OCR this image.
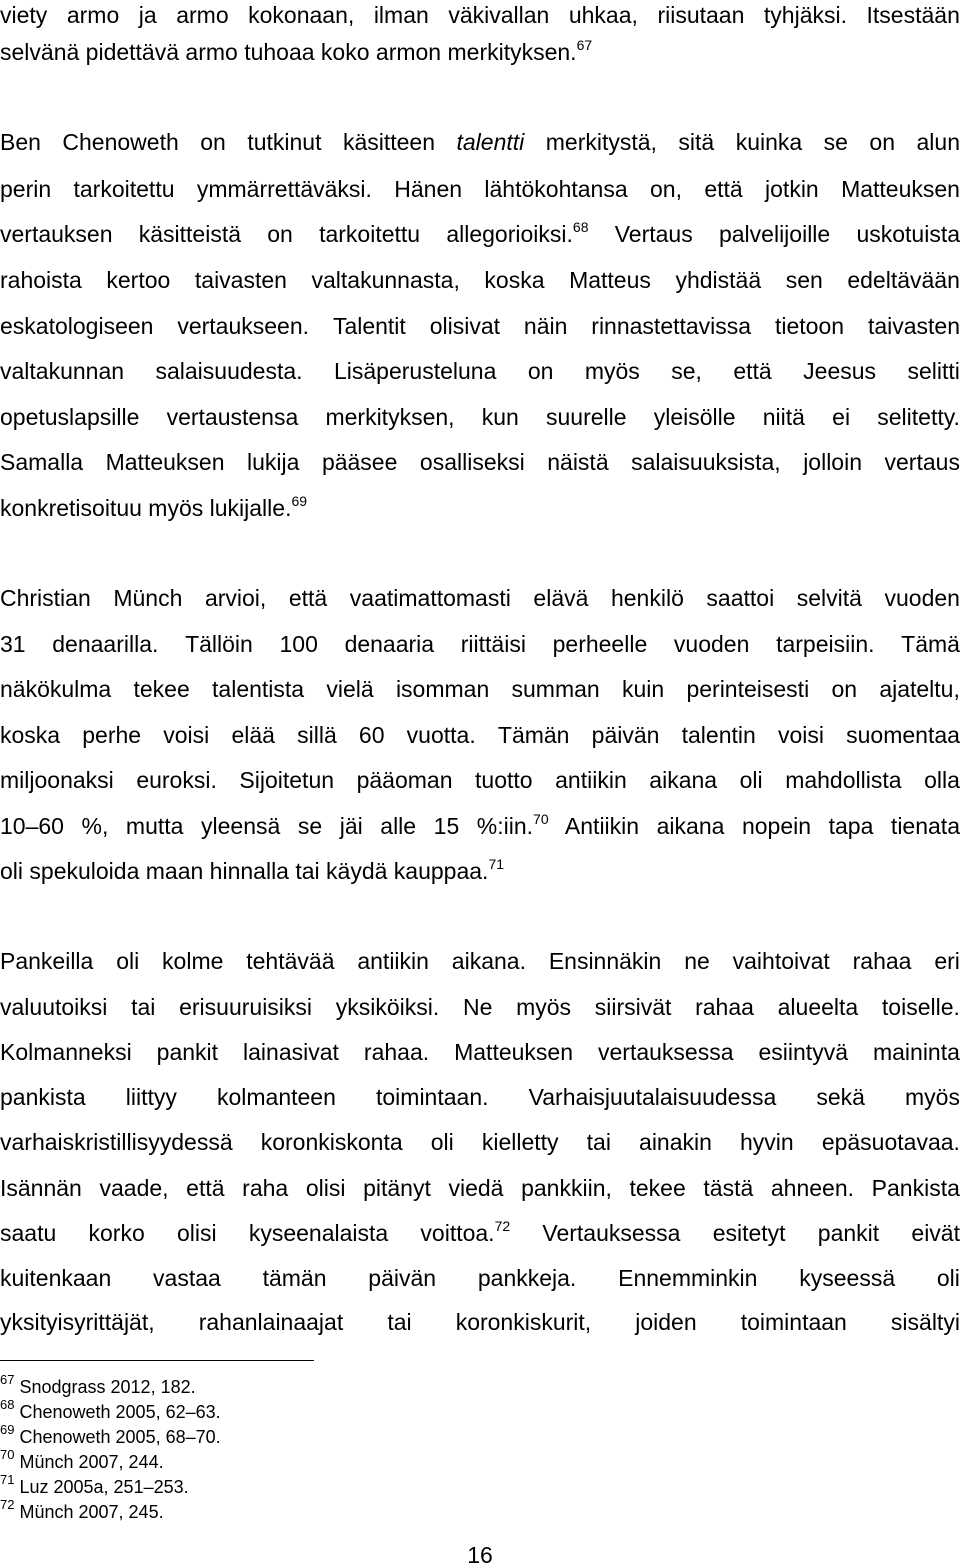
viety armo ja armo kokonaan, ilman väkivallan uhkaa, riisutaan tyhjäksi. Itsestään
selvänä pidettävä armo tuhoaa koko armon merkityksen.$^{67}$
Ben Chenoweth on tutkinut käsitteen talentti merkitystä, sitä kuinka se on alun
perin tarkoitettu ymmärrettäväksi. Hänen lähtökohtansa on, että jotkin Matteuksen
vertauksen käsitteistä on tarkoitettu allegorioiksi.$^{68}$ Vertaus palvelijoille uskotuista
rahoista kertoo taivasten valtakunnasta, koska Matteus yhdistää sen edeltävään
eskatologiseen vertaukseen. Talentit olisivat näin rinnastettavissa tietoon taivasten
valtakunnan salaisuudesta. Lisäperusteluna on myös se, että Jeesus selitti
opetuslapsille vertaustensa merkityksen, kun suurelle yleisölle niitä ei selitetty.
Samalla Matteuksen lukija pääsee osalliseksi näistä salaisuuksista, jolloin vertaus
konkretisoituu myös lukijalle.$^{69}$
Christian Münch arvioi, että vaatimattomasti elävä henkilö saattoi selvitä vuoden
31 denaarilla. Tällöin 100 denaaria riittäisi perheelle vuoden tarpeisiin. Tämä
näkökulma tekee talentista vielä isomman summan kuin perinteisesti on ajateltu,
koska perhe voisi elää sillä 60 vuotta. Tämän päivän talentin voisi suomentaa
miljoonaksi euroksi. Sijoitetun pääoman tuotto antiikin aikana oli mahdollista olla
10–60 %, mutta yleensä se jäi alle 15 %:iin.$^{70}$ Antiikin aikana nopein tapa tienata
oli spekuloida maan hinnalla tai käydä kauppaa.$^{71}$
Pankeilla oli kolme tehtävää antiikin aikana. Ensinnäkin ne vaihtoivat rahaa eri
valuutoiksi tai erisuuruisiksi yksiköiksi. Ne myös siirsivät rahaa alueelta toiselle.
Kolmanneksi pankit lainasivat rahaa. Matteuksen vertauksessa esiintyvä maininta
pankista liittyy kolmanteen toimintaan. Varhaisjuutalaisuudessa sekä myös
varhaiskristillisyydessä koronkiskonta oli kielletty tai ainakin hyvin epäsuotavaa.
Isännän vaade, että raha olisi pitänyt viedä pankkiin, tekee tästä ahneen. Pankista
saatu korko olisi kyseenalaista voittoa.$^{72}$ Vertauksessa esitetyt pankit eivät
kuitenkaan vastaa tämän päivän pankkeja. Ennemminkin kyseessä oli
yksityisyrittäjät, rahanlainaajat tai koronkiskurit, joiden toimintaan sisältyi
$^{67}$ Snodgrass 2012, 182.
$^{68}$ Chenoweth 2005, 62–63.
$^{69}$ Chenoweth 2005, 68–70.
$^{70}$ Münch 2007, 244.
$^{71}$ Luz 2005a, 251–253.
$^{72}$ Münch 2007, 245.
16
